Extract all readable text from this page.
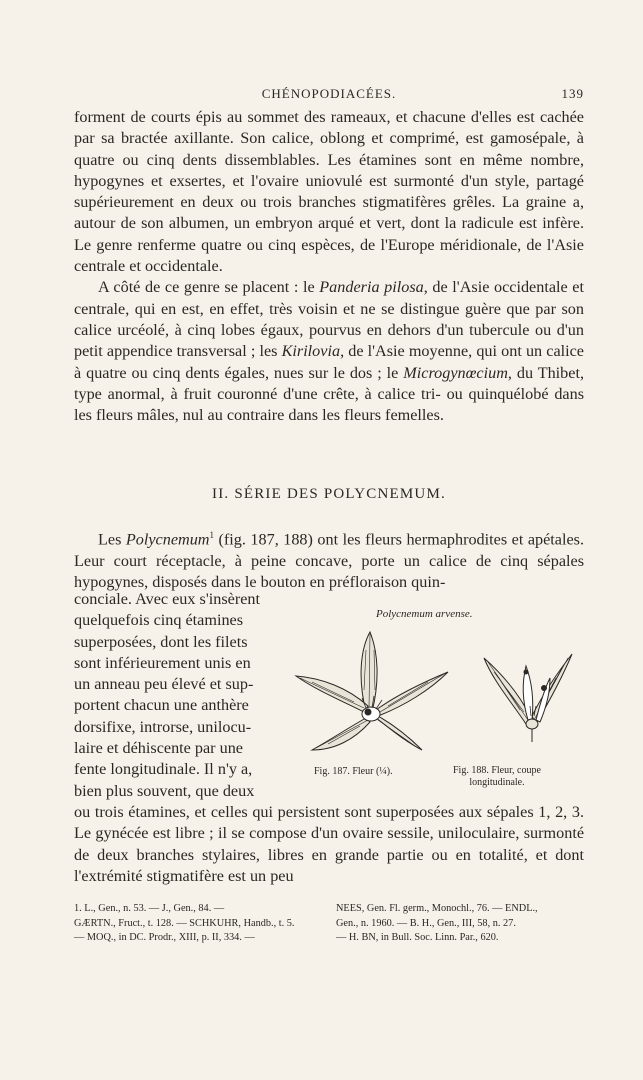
CHÉNOPODIACÉES.	139

forment de courts épis au sommet des rameaux, et chacune d'elles est cachée par sa bractée axillante. Son calice, oblong et comprimé, est gamosépale, à quatre ou cinq dents dissemblables. Les étamines sont en même nombre, hypogynes et exsertes, et l'ovaire uniovulé est surmonté d'un style, partagé supérieurement en deux ou trois branches stigmatifères grêles. La graine a, autour de son albumen, un embryon arqué et vert, dont la radicule est infère. Le genre renferme quatre ou cinq espèces, de l'Europe méridionale, de l'Asie centrale et occidentale.

A côté de ce genre se placent : le Panderia pilosa, de l'Asie occidentale et centrale, qui en est, en effet, très voisin et ne se distingue guère que par son calice urcéolé, à cinq lobes égaux, pourvus en dehors d'un tubercule ou d'un petit appendice transversal ; les Kirilovia, de l'Asie moyenne, qui ont un calice à quatre ou cinq dents égales, nues sur le dos ; le Microgynœcium, du Thibet, type anormal, à fruit couronné d'une crête, à calice tri- ou quinquélobé dans les fleurs mâles, nul au contraire dans les fleurs femelles.

II. SÉRIE DES POLYCNEMUM.

Les Polycnemum$^1$ (fig. 187, 188) ont les fleurs hermaphrodites et apétales. Leur court réceptacle, à peine concave, porte un calice de cinq sépales hypogynes, disposés dans le bouton en préfloraison quin-

conciale. Avec eux s'insèrent
quelquefois cinq étamines
superposées, dont les filets
sont inférieurement unis en
un anneau peu élevé et sup-
portent chacun une anthère
dorsifixe, introrse, unilocu-
laire et déhiscente par une
fente longitudinale. Il n'y a,
bien plus souvent, que deux
Polycnemum arvense.
Fig. 187. Fleur (¼).	Fig. 188. Fleur, coupe
longitudinale.

ou trois étamines, et celles qui persistent sont superposées aux sépales 1, 2, 3. Le gynécée est libre ; il se compose d'un ovaire sessile, uniloculaire, surmonté de deux branches stylaires, libres en grande partie ou en totalité, et dont l'extrémité stigmatifère est un peu

1. L., Gen., n. 53. — J., Gen., 84. —
GÆRTN., Fruct., t. 128. — SCHKUHR, Handb., t. 5.
— MOQ., in DC. Prodr., XIII, p. II, 334. —
NEES, Gen. Fl. germ., Monochl., 76. — ENDL.,
Gen., n. 1960. — B. H., Gen., III, 58, n. 27.
— H. BN, in Bull. Soc. Linn. Par., 620.
